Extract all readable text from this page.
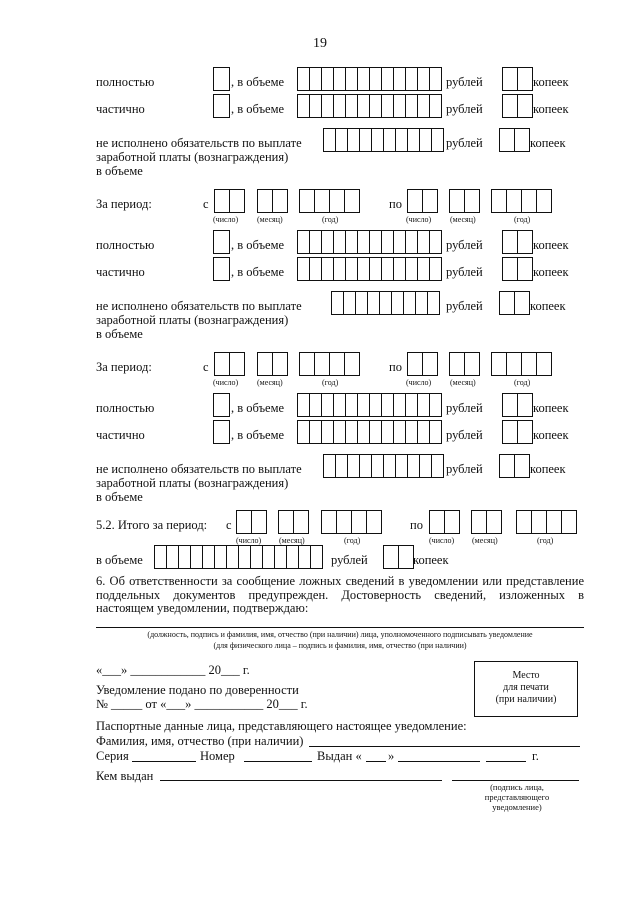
19
полностью	, в объеме	рублей	копеек
частично	, в объеме	рублей	копеек
не исполнено обязательств по выплате
заработной платы (вознаграждения)
в объеме
рублей	копеек
За период:	с
(число) (месяц)	(год)
по
(число) (месяц)	(год)
полностью	, в объеме	рублей	копеек
частично	, в объеме	рублей	копеек
не исполнено обязательств по выплате
заработной платы (вознаграждения)
в объеме
рублей	копеек
За период:	с
(число) (месяц)	(год)
по
(число) (месяц)	(год)
полностью	, в объеме	рублей	копеек
частично	, в объеме	рублей	копеек
не исполнено обязательств по выплате
заработной платы (вознаграждения)
в объеме
рублей	копеек
5.2. Итого за период: с
(число) (месяц)	(год)
по
(число) (месяц)	(год)
в объеме	рублей	копеек
6. Об ответственности за сообщение ложных сведений в уведомлении или представление поддельных документов предупрежден. Достоверность сведений, изложенных в настоящем уведомлении, подтверждаю:
(должность, подпись и фамилия, имя, отчество (при наличии) лица, уполномоченного подписывать уведомление
(для физического лица – подпись и фамилия, имя, отчество (при наличии)
«___» ____________ 20___ г.	Место
для печати
(при наличии)
Уведомление подано по доверенности
№ _____ от «___» ___________ 20___ г.
Паспортные данные лица, представляющего настоящее уведомление:
Фамилия, имя, отчество (при наличии)
Серия	Номер	Выдан « »	г.
Кем выдан
(подпись лица,
представляющего
уведомление)
